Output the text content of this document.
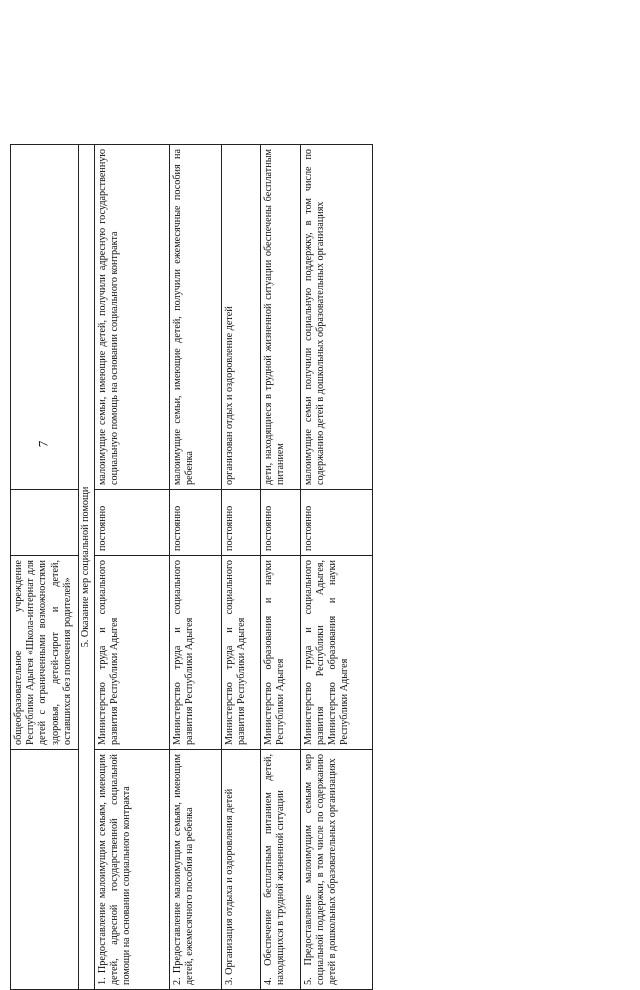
7
	общеобразовательное учреждение Республики Адыгея «Школа-интернат для детей с ограниченными возможностями здоровья, детей-сирот и детей, оставшихся без попечения родителей»		
5. Оказание мер социальной помощи			
1. Предоставление малоимущим семьям, имеющим детей, адресной государственной социальной помощи на основании социального контракта	Министерство труда и социального развития Республики Адыгея	постоянно	малоимущие семьи, имеющие детей, получили адресную государственную социальную помощь на основании социального контракта
2. Предоставление малоимущим семьям, имеющим детей, ежемесячного пособия на ребенка	Министерство труда и социального развития Республики Адыгея	постоянно	малоимущие семьи, имеющие детей, получили ежемесячные пособия на ребенка
3. Организация отдыха и оздоровления детей	Министерство труда и социального развития Республики Адыгея	постоянно	организован отдых и оздоровление детей
4. Обеспечение бесплатным питанием детей, находящихся в трудной жизненной ситуации	Министерство образования и науки Республики Адыгея	постоянно	дети, находящиеся в трудной жизненной ситуации обеспечены бесплатным питанием
5. Предоставление малоимущим семьям мер социальной поддержки, в том числе по содержанию детей в дошкольных образовательных организациях	Министерство труда и социального развития Республики Адыгея, Министерство образования и науки Республики Адыгея	постоянно	малоимущие семьи получили социальную поддержку, в том числе по содержанию детей в дошкольных образовательных организациях
